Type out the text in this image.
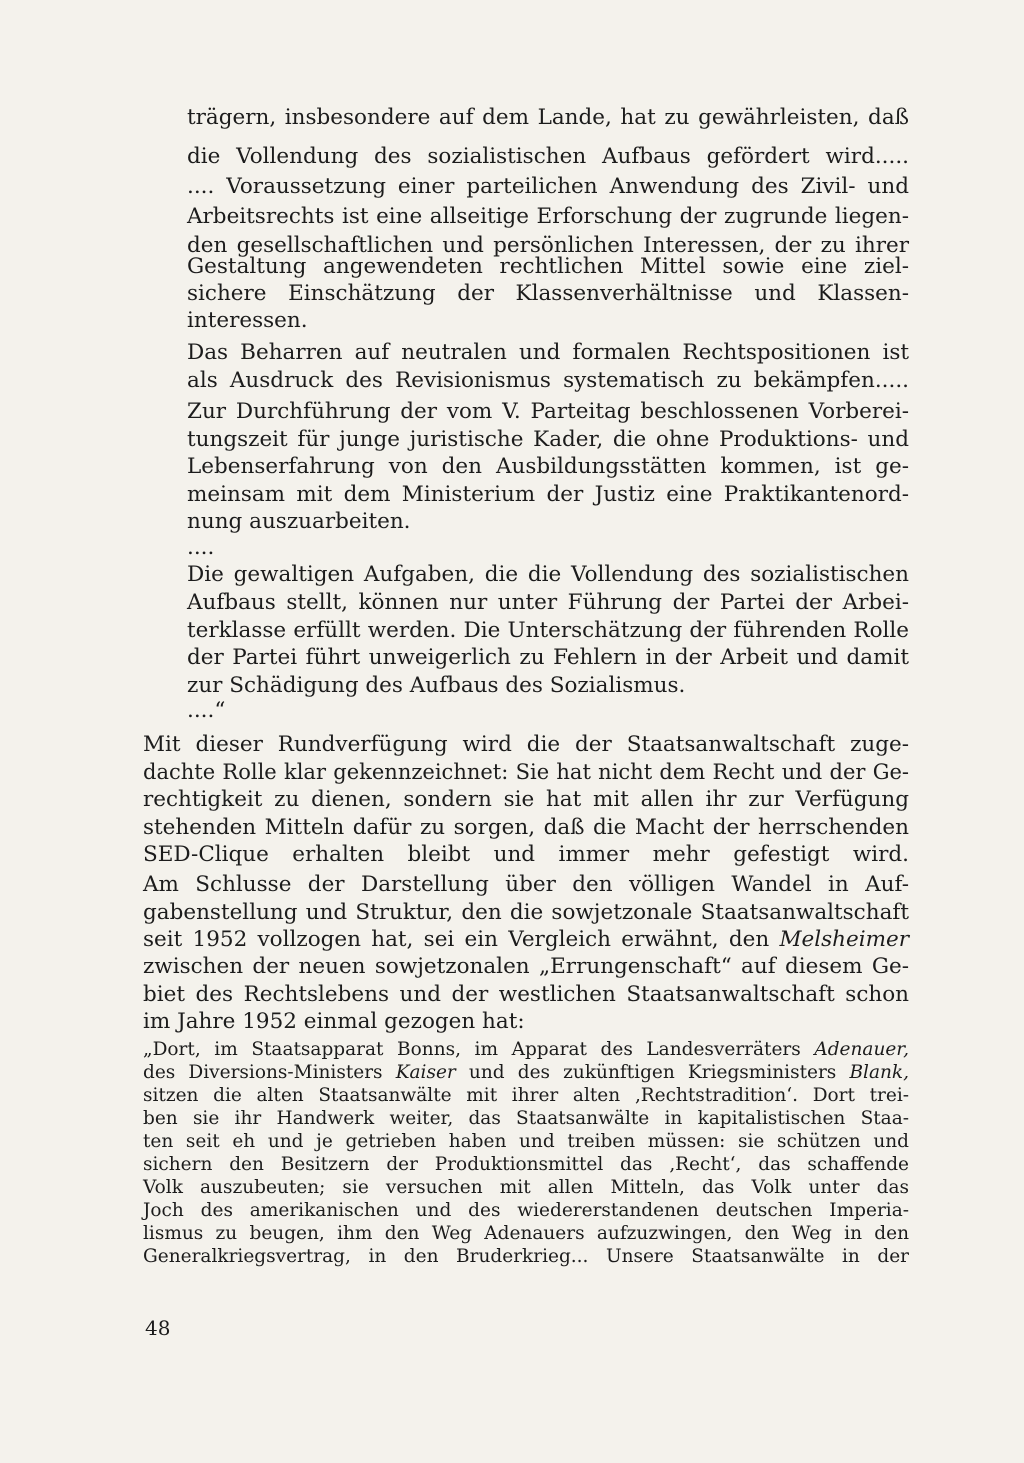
trägern, insbesondere auf dem Lande, hat zu gewährleisten, daß
die Vollendung des sozialistischen Aufbaus gefördert wird.....
.... Voraussetzung einer parteilichen Anwendung des Zivil- und
Arbeitsrechts ist eine allseitige Erforschung der zugrunde liegen-
den gesellschaftlichen und persönlichen Interessen, der zu ihrer
Gestaltung angewendeten rechtlichen Mittel sowie eine ziel-
sichere Einschätzung der Klassenverhältnisse und Klassen-
interessen.
Das Beharren auf neutralen und formalen Rechtspositionen ist
als Ausdruck des Revisionismus systematisch zu bekämpfen.....
Zur Durchführung der vom V. Parteitag beschlossenen Vorberei-
tungszeit für junge juristische Kader, die ohne Produktions- und
Lebenserfahrung von den Ausbildungsstätten kommen, ist ge-
meinsam mit dem Ministerium der Justiz eine Praktikantenord-
nung auszuarbeiten.
....
Die gewaltigen Aufgaben, die die Vollendung des sozialistischen
Aufbaus stellt, können nur unter Führung der Partei der Arbei-
terklasse erfüllt werden. Die Unterschätzung der führenden Rolle
der Partei führt unweigerlich zu Fehlern in der Arbeit und damit
zur Schädigung des Aufbaus des Sozialismus.
....“
Mit dieser Rundverfügung wird die der Staatsanwaltschaft zuge-
dachte Rolle klar gekennzeichnet: Sie hat nicht dem Recht und der Ge-
rechtigkeit zu dienen, sondern sie hat mit allen ihr zur Verfügung
stehenden Mitteln dafür zu sorgen, daß die Macht der herrschenden
SED-Clique erhalten bleibt und immer mehr gefestigt wird.
Am Schlusse der Darstellung über den völligen Wandel in Auf-
gabenstellung und Struktur, den die sowjetzonale Staatsanwaltschaft
seit 1952 vollzogen hat, sei ein Vergleich erwähnt, den Melsheimer
zwischen der neuen sowjetzonalen „Errungenschaft“ auf diesem Ge-
biet des Rechtslebens und der westlichen Staatsanwaltschaft schon
im Jahre 1952 einmal gezogen hat:
„Dort, im Staatsapparat Bonns, im Apparat des Landesverräters Adenauer,
des Diversions-Ministers Kaiser und des zukünftigen Kriegsministers Blank,
sitzen die alten Staatsanwälte mit ihrer alten ‚Rechtstradition‘. Dort trei-
ben sie ihr Handwerk weiter, das Staatsanwälte in kapitalistischen Staa-
ten seit eh und je getrieben haben und treiben müssen: sie schützen und
sichern den Besitzern der Produktionsmittel das ‚Recht‘, das schaffende
Volk auszubeuten; sie versuchen mit allen Mitteln, das Volk unter das
Joch des amerikanischen und des wiedererstandenen deutschen Imperia-
lismus zu beugen, ihm den Weg Adenauers aufzuzwingen, den Weg in den
Generalkriegsvertrag, in den Bruderkrieg... Unsere Staatsanwälte in der
48
